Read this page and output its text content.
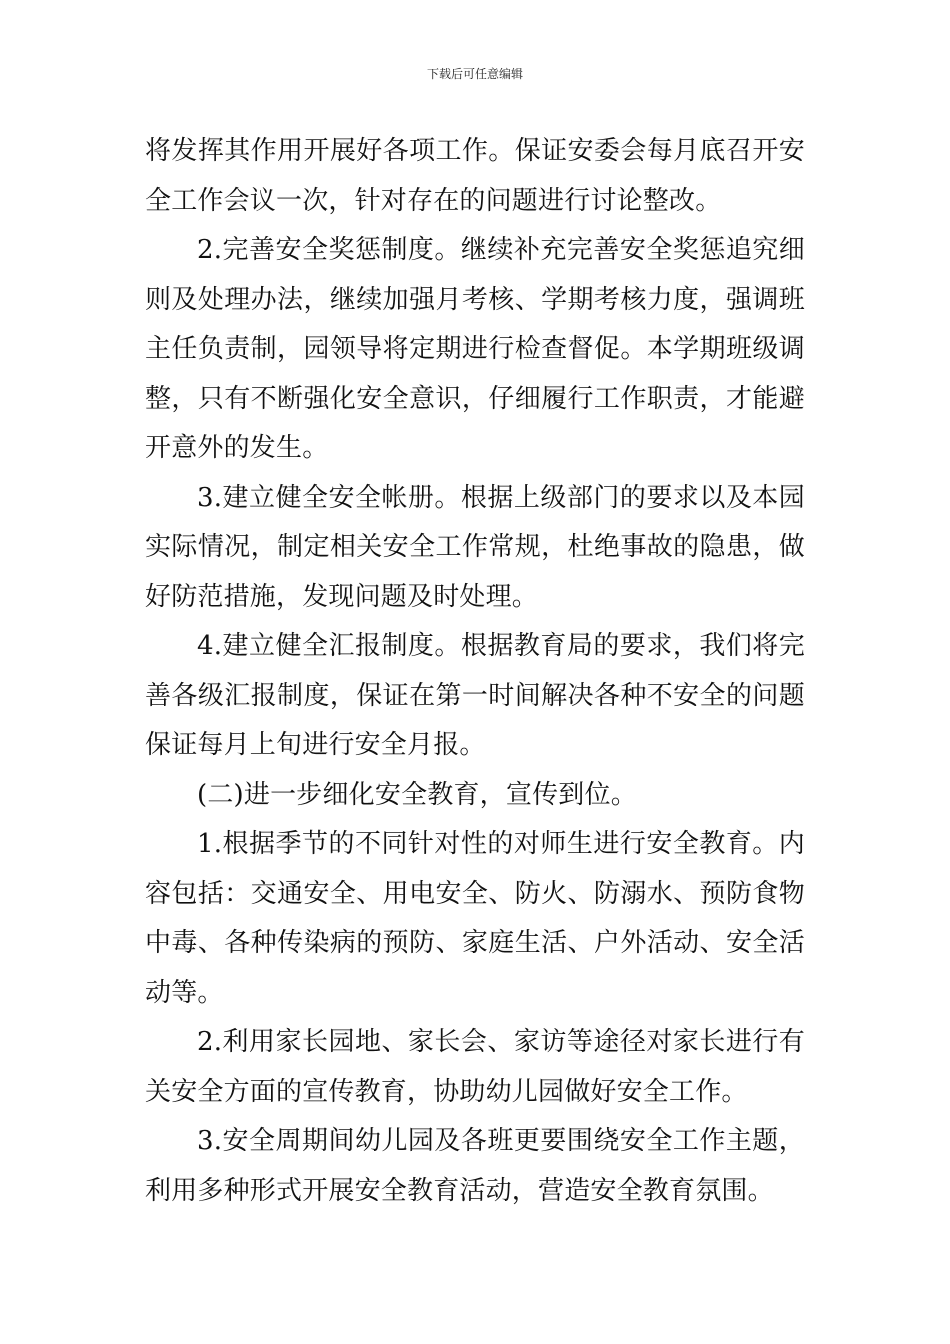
下载后可任意编辑

将发挥其作用开展好各项工作。保证安委会每月底召开安全工作会议一次，针对存在的问题进行讨论整改。

2.完善安全奖惩制度。继续补充完善安全奖惩追究细则及处理办法，继续加强月考核、学期考核力度，强调班主任负责制，园领导将定期进行检查督促。本学期班级调整，只有不断强化安全意识，仔细履行工作职责，才能避开意外的发生。

3.建立健全安全帐册。根据上级部门的要求以及本园实际情况，制定相关安全工作常规，杜绝事故的隐患，做好防范措施，发现问题及时处理。

4.建立健全汇报制度。根据教育局的要求，我们将完善各级汇报制度，保证在第一时间解决各种不安全的问题保证每月上旬进行安全月报。

(二)进一步细化安全教育，宣传到位。

1.根据季节的不同针对性的对师生进行安全教育。内容包括：交通安全、用电安全、防火、防溺水、预防食物中毒、各种传染病的预防、家庭生活、户外活动、安全活动等。

2.利用家长园地、家长会、家访等途径对家长进行有关安全方面的宣传教育，协助幼儿园做好安全工作。

3.安全周期间幼儿园及各班更要围绕安全工作主题，利用多种形式开展安全教育活动，营造安全教育氛围。
